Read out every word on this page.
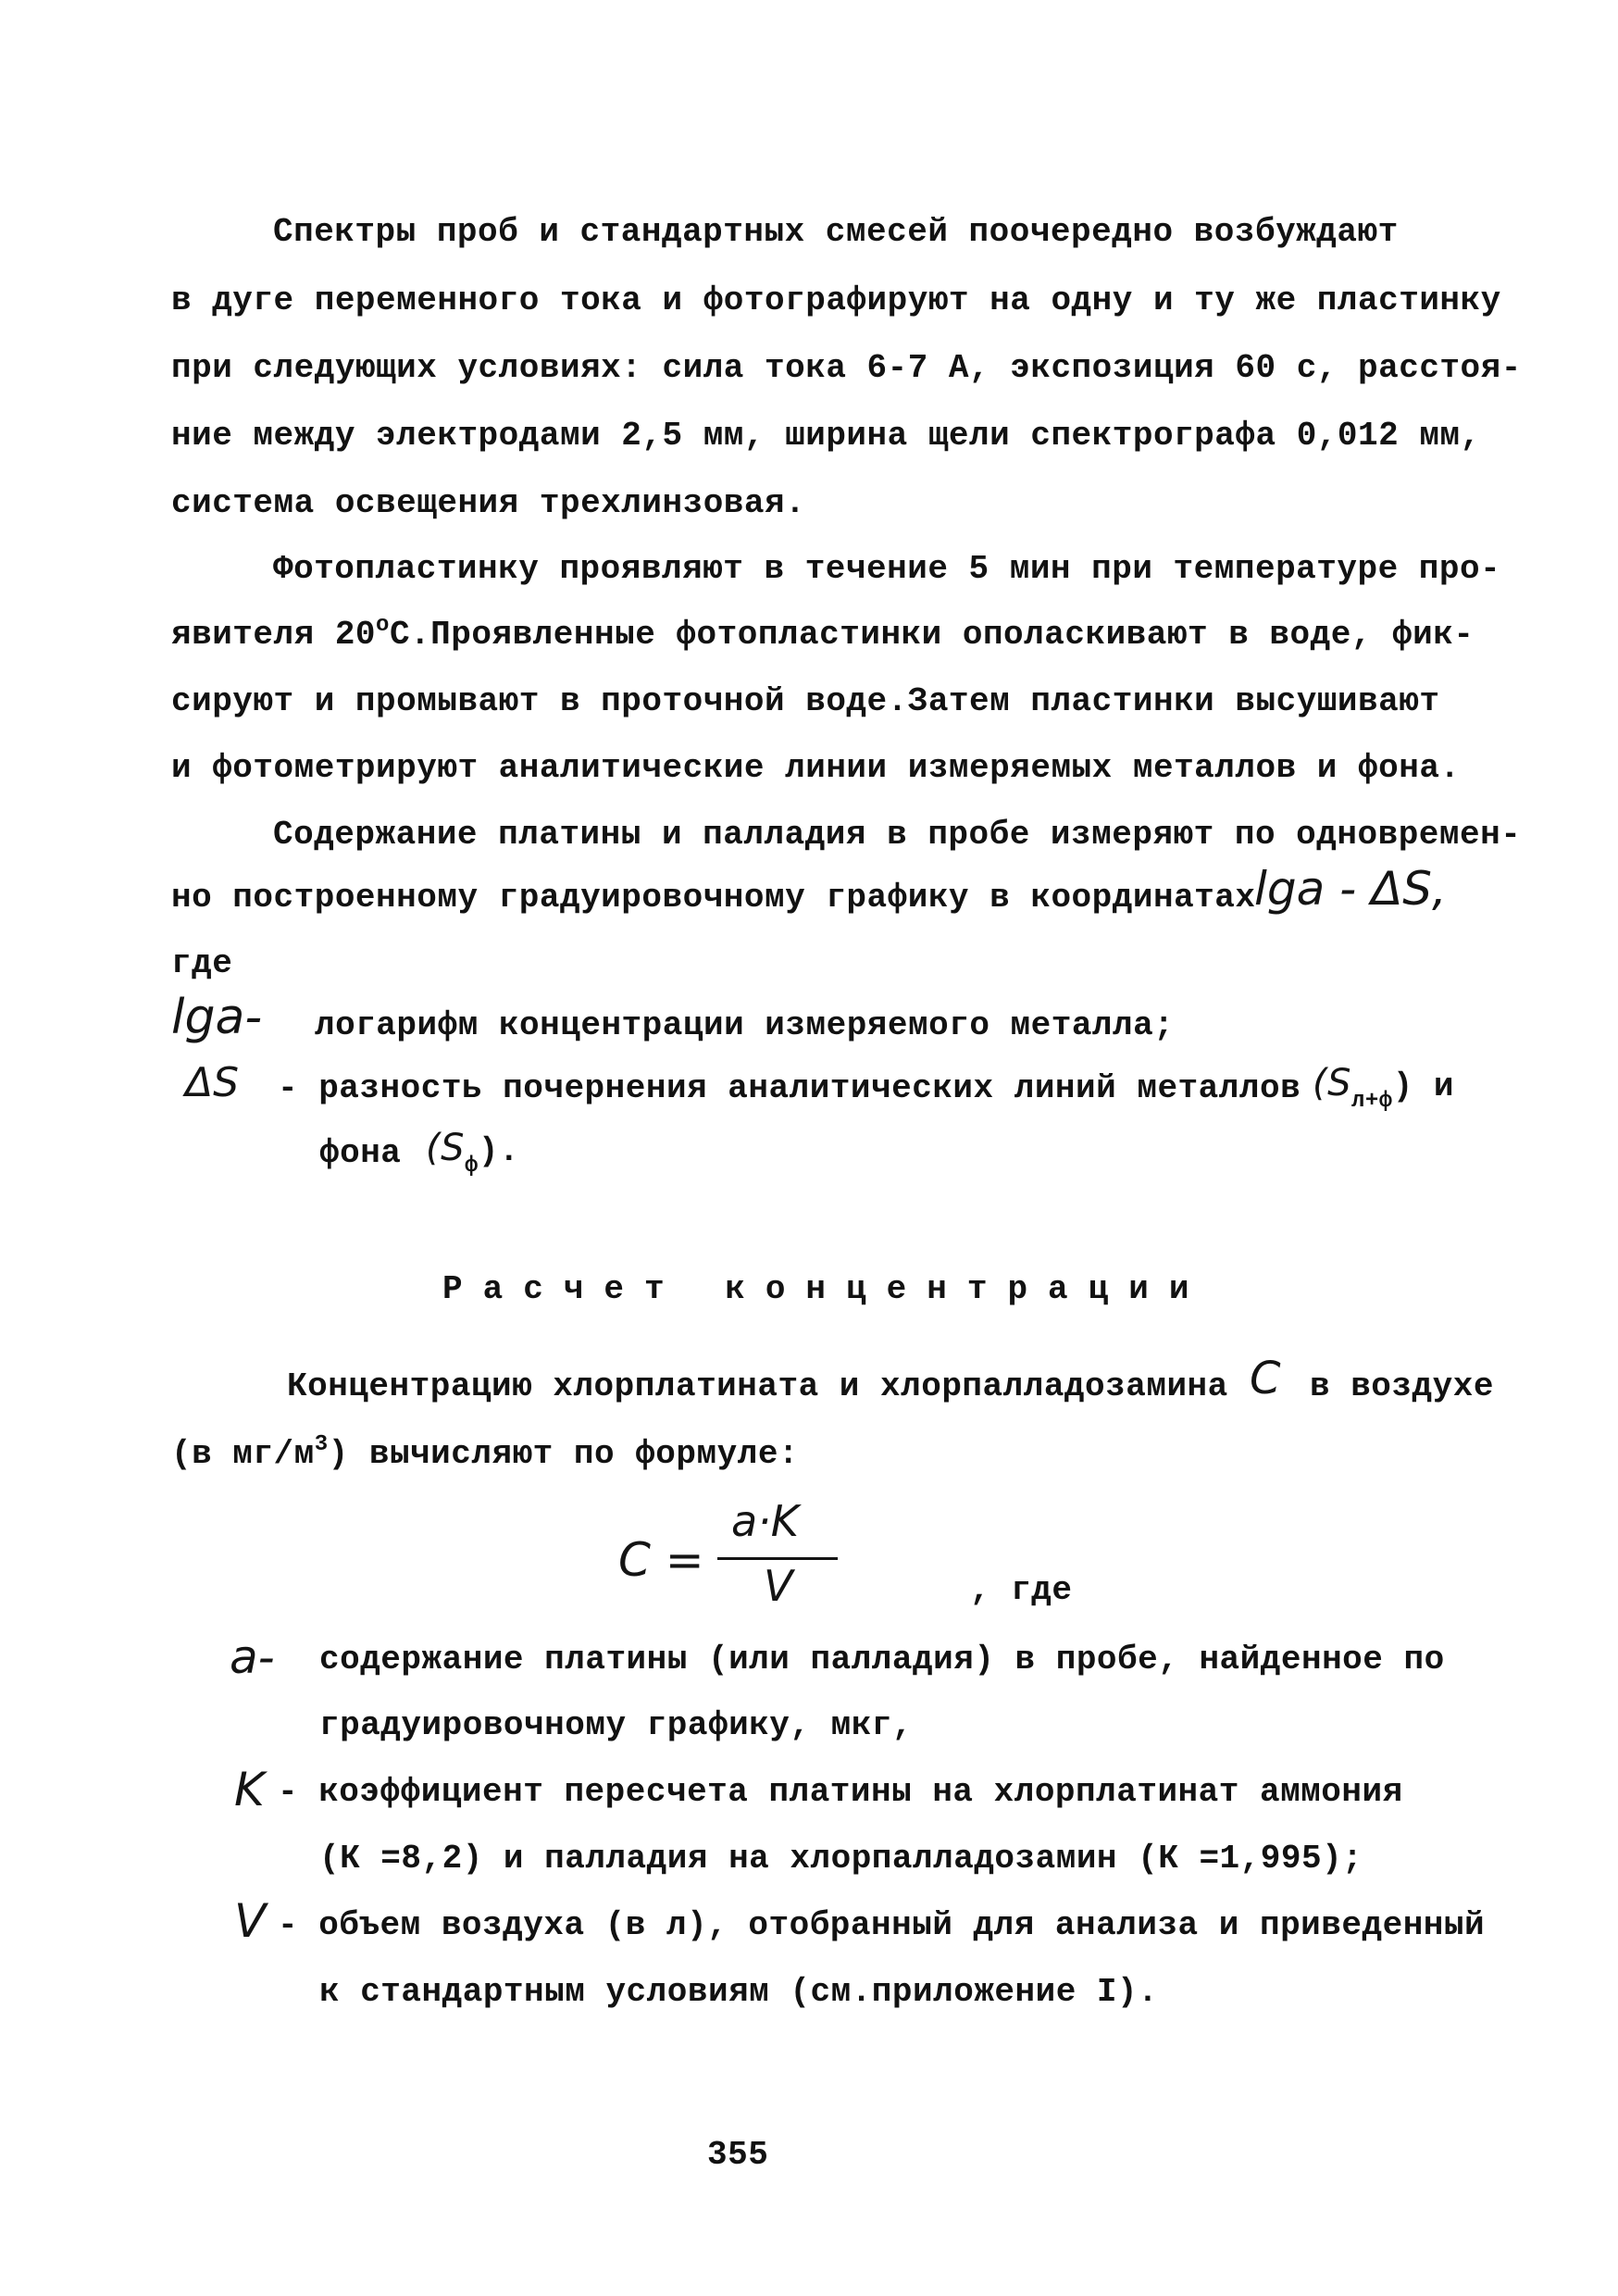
Спектры проб и стандартных смесей поочередно возбуждают
в дуге переменного тока и фотографируют на одну и ту же пластинку
при следующих условиях: сила тока 6-7 А, экспозиция 60 с, расстоя-
ние между электродами 2,5 мм, ширина щели спектрографа 0,012 мм,
система освещения трехлинзовая.
Фотопластинку проявляют в течение 5 мин при температуре про-
явителя $20^оС.Проявленные$ фотопластинки ополаскивают в воде, фик-
сируют и промывают в проточной воде.Затем пластинки высушивают
и фотометрируют аналитические линии измеряемых металлов и фона.
Содержание платины и палладия в пробе измеряют по одновремен-
но построенному градуировочному графику в координатах
lga - ΔS,
где
lga- логарифм концентрации измеряемого металла;
ΔS - разность почернения аналитических линий металлов $(S_{л+ф})$ и
фона $(S_ф)$.
Расчет концентрации
Концентрацию хлорплатината и хлорпалладозамина C в воздухе
(в $мг/м^3$) вычисляют по формуле:
C =
a·K
V	, где
a- содержание платины (или палладия) в пробе, найденное по
градуировочному графику, мкг,
K - коэффициент пересчета платины на хлорплатинат аммония
(К =8,2) и палладия на хлорпалладозамин (К =1,995);
V - объем воздуха (в л), отобранный для анализа и приведенный
к стандартным условиям (см.приложение I).
355
